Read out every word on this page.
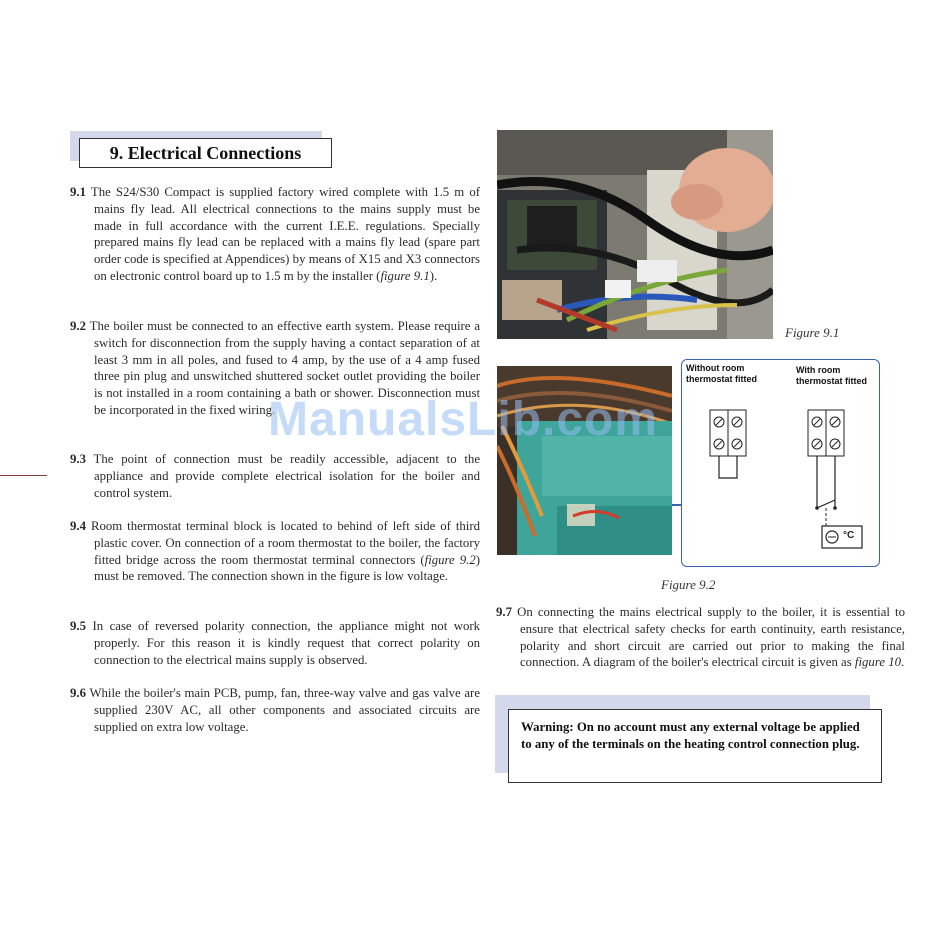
9. Electrical Connections
9.1 The S24/S30 Compact is supplied factory wired complete with 1.5 m of mains fly lead. All electrical connections to the mains supply must be made in full accordance with the current I.E.E. regulations. Specially prepared mains fly lead can be replaced with a mains fly lead (spare part order code is specified at Appendices) by means of X15 and X3 connectors on electronic control board up to 1.5 m by the installer (figure 9.1).
9.2 The boiler must be connected to an effective earth system. Please require a switch for disconnection from the supply having a contact separation of at least 3 mm in all poles, and fused to 4 amp, by the use of a 4 amp fused three pin plug and unswitched shuttered socket outlet providing the boiler is not installed in a room containing a bath or shower. Disconnection must be incorporated in the fixed wiring.
9.3 The point of connection must be readily accessible, adjacent to the appliance and provide complete electrical isolation for the boiler and control system.
9.4 Room thermostat terminal block is located to behind of left side of third plastic cover. On connection of a room thermostat to the boiler, the factory fitted bridge across the room thermostat terminal connectors (figure 9.2) must be removed. The connection shown in the figure is low voltage.
9.5 In case of reversed polarity connection, the appliance might not work properly. For this reason it is kindly request that correct polarity on connection to the electrical mains supply is observed.
9.6 While the boiler's main PCB, pump, fan, three-way valve and gas valve are supplied 230V AC, all other components and associated circuits are supplied on extra low voltage.
Figure 9.1
Without room
thermostat fitted
With room
thermostat fitted
°C
Figure 9.2
9.7 On connecting the mains electrical supply to the boiler, it is essential to ensure that electrical safety checks for earth continuity, earth resistance, polarity and short circuit are carried out prior to making the final connection. A diagram of the boiler's electrical circuit is given as figure 10.
Warning: On no account must any external voltage be applied to any of the terminals on the heating control connection plug.
ManualsLib.com
